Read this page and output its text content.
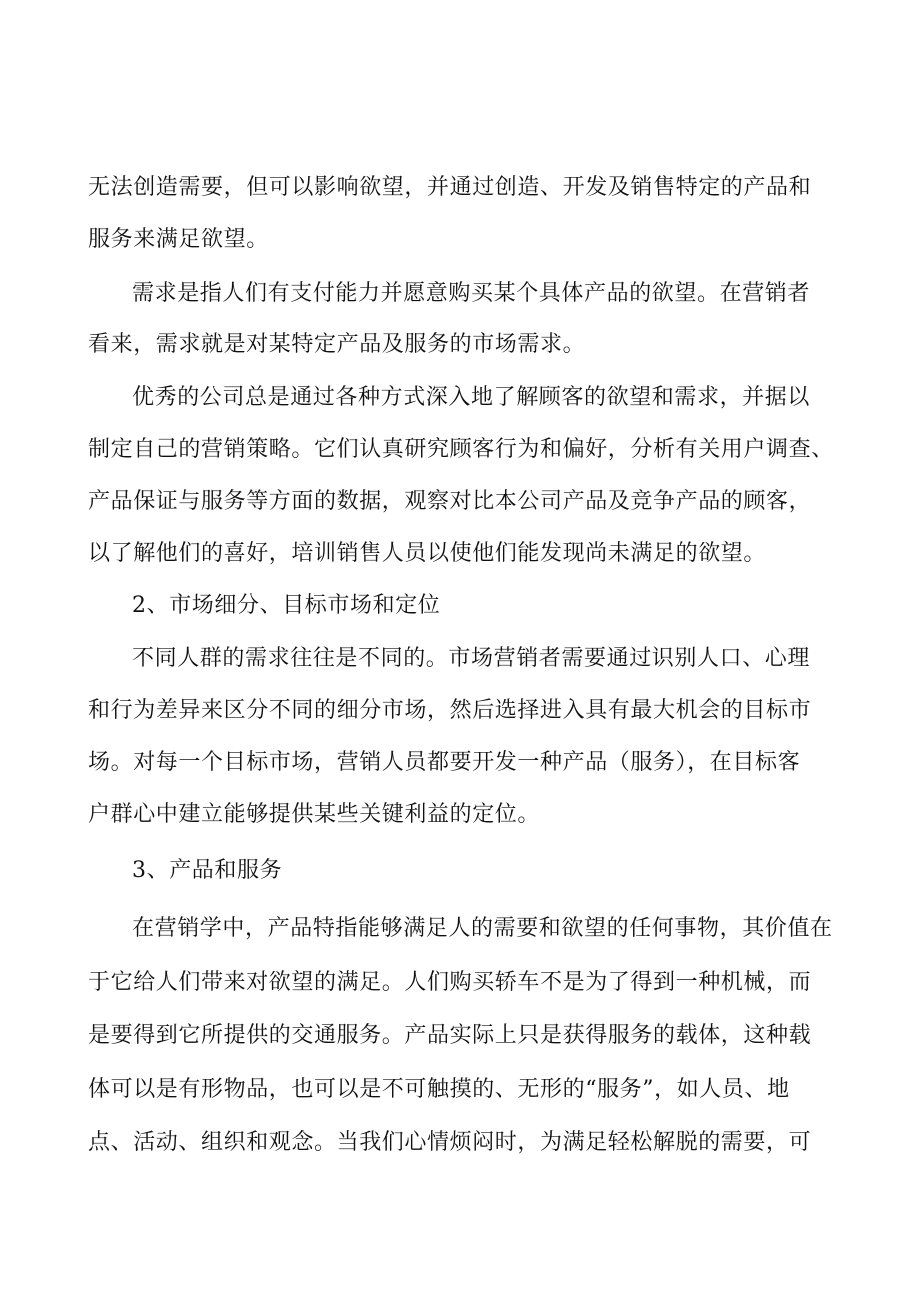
无法创造需要，但可以影响欲望，并通过创造、开发及销售特定的产品和
服务来满足欲望。
需求是指人们有支付能力并愿意购买某个具体产品的欲望。在营销者
看来，需求就是对某特定产品及服务的市场需求。
优秀的公司总是通过各种方式深入地了解顾客的欲望和需求，并据以
制定自己的营销策略。它们认真研究顾客行为和偏好，分析有关用户调查、
产品保证与服务等方面的数据，观察对比本公司产品及竞争产品的顾客，
以了解他们的喜好，培训销售人员以使他们能发现尚未满足的欲望。
2、市场细分、目标市场和定位
不同人群的需求往往是不同的。市场营销者需要通过识别人口、心理
和行为差异来区分不同的细分市场，然后选择进入具有最大机会的目标市
场。对每一个目标市场，营销人员都要开发一种产品（服务），在目标客
户群心中建立能够提供某些关键利益的定位。
3、产品和服务
在营销学中，产品特指能够满足人的需要和欲望的任何事物，其价值在
于它给人们带来对欲望的满足。人们购买轿车不是为了得到一种机械，而
是要得到它所提供的交通服务。产品实际上只是获得服务的载体，这种载
体可以是有形物品，也可以是不可触摸的、无形的“服务”，如人员、地
点、活动、组织和观念。当我们心情烦闷时，为满足轻松解脱的需要，可
